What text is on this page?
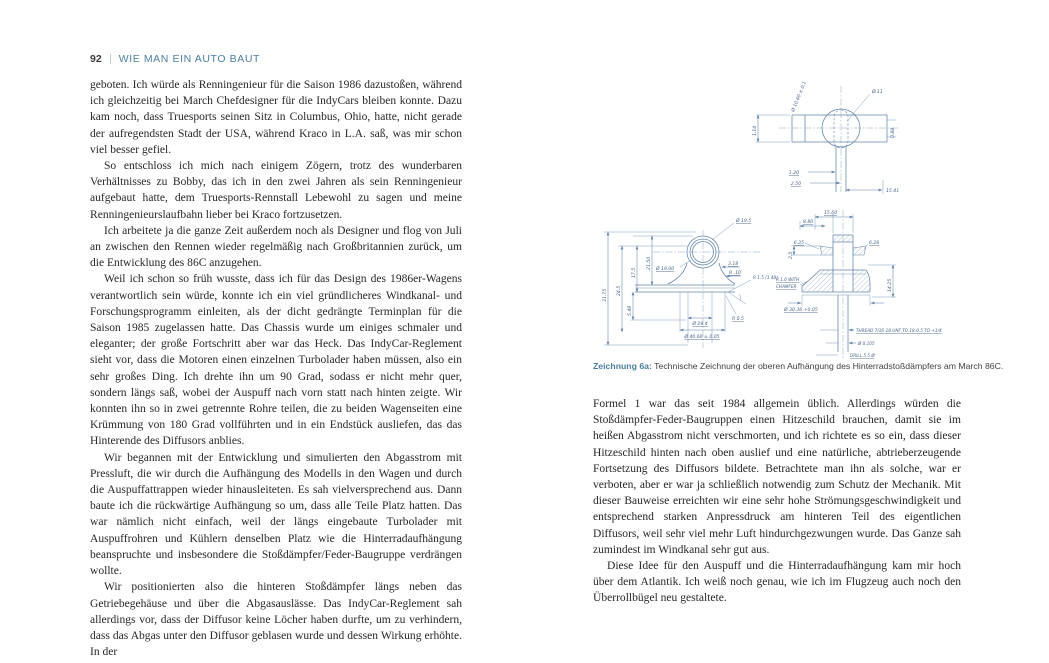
92 WIE MAN EIN AUTO BAUT

geboten. Ich würde als Renningenieur für die Saison 1986 dazustoßen, während ich gleichzeitig bei March Chefdesigner für die IndyCars bleiben konnte. Dazu kam noch, dass Truesports seinen Sitz in Columbus, Ohio, hatte, nicht gerade der aufregendsten Stadt der USA, während Kraco in L.A. saß, was mir schon viel besser gefiel.

So entschloss ich mich nach einigem Zögern, trotz des wunderbaren Verhältnisses zu Bobby, das ich in den zwei Jahren als sein Renningenieur aufgebaut hatte, dem Truesports-Rennstall Lebewohl zu sagen und meine Renningenieurslaufbahn lieber bei Kraco fortzusetzen.

Ich arbeitete ja die ganze Zeit außerdem noch als Designer und flog von Juli an zwischen den Rennen wieder regelmäßig nach Großbritannien zurück, um die Entwicklung des 86C anzugehen.

Weil ich schon so früh wusste, dass ich für das Design des 1986er-Wagens verantwortlich sein würde, konnte ich ein viel gründlicheres Windkanal- und Forschungsprogramm einleiten, als der dicht gedrängte Terminplan für die Saison 1985 zugelassen hatte. Das Chassis wurde um einiges schmaler und eleganter; der große Fortschritt aber war das Heck. Das IndyCar-Reglement sieht vor, dass die Motoren einen einzelnen Turbolader haben müssen, also ein sehr großes Ding. Ich drehte ihn um 90 Grad, sodass er nicht mehr quer, sondern längs saß, wobei der Auspuff nach vorn statt nach hinten zeigte. Wir konnten ihn so in zwei getrennte Rohre teilen, die zu beiden Wagenseiten eine Krümmung von 180 Grad vollführten und in ein Endstück ausliefen, das das Hinterende des Diffusors anblies.

Wir begannen mit der Entwicklung und simulierten den Abgasstrom mit Pressluft, die wir durch die Aufhängung des Modells in den Wagen und durch die Auspuffattrappen wieder hinausleiteten. Es sah vielversprechend aus. Dann baute ich die rückwärtige Aufhängung so um, dass alle Teile Platz hatten. Das war nämlich nicht einfach, weil der längs eingebaute Turbolader mit Auspuffrohren und Kühlern denselben Platz wie die Hinterradaufhängung beanspruchte und insbesondere die Stoßdämpfer/Feder-Baugruppe verdrängen wollte.

Wir positionierten also die hinteren Stoßdämpfer längs neben das Getriebegehäuse und über die Abgasauslässe. Das IndyCar-Reglement sah allerdings vor, dass der Diffusor keine Löcher haben durfte, um zu verhindern, dass das Abgas unter den Diffusor geblasen wurde und dessen Wirkung erhöhte. In der

Ø.11
Ø 10.60 ± 0.1
1.14	0.88
1.20
2.50
15.41
Ø 29.4
Ø 40.60 ± 0.05
5.48
31.75 24.5
17.5
21.50
Ø 19.5
Ø 19.00
3.18
R .10
R 1.5 (1.48)
R 0.5
15.60
8.80
6.35	6.28
2.5
R 1.0 WITH
CHAMFER
Ø 30.36 +0.05
14.25
THREAD 7/16-18 UNF TO 18-0.5 TO +1/4
Ø 0.105
DRILL 5.5 Ø
Zeichnung 6a: Technische Zeichnung der oberen Aufhängung des Hinterradstoßdämpfers am March 86C.

Formel 1 war das seit 1984 allgemein üblich. Allerdings würden die Stoßdämpfer-Feder-Baugruppen einen Hitzeschild brauchen, damit sie im heißen Abgasstrom nicht verschmorten, und ich richtete es so ein, dass dieser Hitzeschild hinten nach oben auslief und eine natürliche, abtrieberzeugende Fortsetzung des Diffusors bildete. Betrachtete man ihn als solche, war er verboten, aber er war ja schließlich notwendig zum Schutz der Mechanik. Mit dieser Bauweise erreichten wir eine sehr hohe Strömungsgeschwindigkeit und entsprechend starken Anpressdruck am hinteren Teil des eigentlichen Diffusors, weil sehr viel mehr Luft hindurchgezwungen wurde. Das Ganze sah zumindest im Windkanal sehr gut aus.

Diese Idee für den Auspuff und die Hinterradaufhängung kam mir hoch über dem Atlantik. Ich weiß noch genau, wie ich im Flugzeug auch noch den Überrollbügel neu gestaltete.
